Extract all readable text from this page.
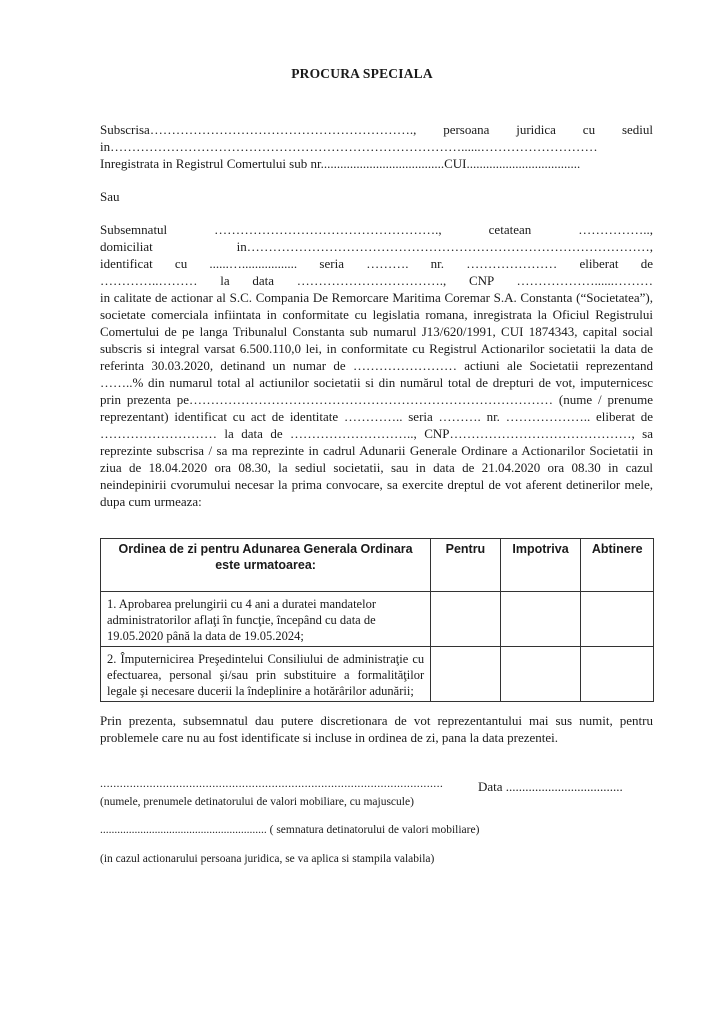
PROCURA SPECIALA

Subscrisa……………………………………………………., persoana juridica cu sediul

in………………………………………………………………………......………………………

Inregistrata in Registrul Comertului sub nr......................................CUI...................................

Sau

Subsemnatul ……………………………………………., cetatean ……………..,

domiciliat in…………………………………………………………………………………,

identificat cu ......…................. seria ………. nr. ………………… eliberat de

…………..……… la data ……………………………., CNP ………………......………

in calitate de actionar al S.C. Compania De Remorcare Maritima Coremar S.A. Constanta (“Societatea”), societate comerciala infiintata in conformitate cu legislatia romana, inregistrata la Oficiul Registrului Comertului de pe langa Tribunalul Constanta sub numarul J13/620/1991, CUI 1874343, capital social subscris si integral varsat 6.500.110,0 lei, in conformitate cu Registrul Actionarilor societatii la data de referinta 30.03.2020, detinand un numar de …………………… actiuni ale Societatii reprezentand ……..% din numarul total al actiunilor societatii si din numărul total de drepturi de vot, imputernicesc prin prezenta pe………………………………………………………………………… (nume / prenume reprezentant) identificat cu act de identitate ………….. seria ………. nr. ……………….. eliberat de ……………………… la data de ……………………….., CNP……………………………………, sa reprezinte subscrisa / sa ma reprezinte in cadrul Adunarii Generale Ordinare a Actionarilor Societatii in ziua de 18.04.2020 ora 08.30, la sediul societatii, sau in data de 21.04.2020 ora 08.30 in cazul neindepinirii cvorumului necesar la prima convocare, sa exercite dreptul de vot aferent detinerilor mele, dupa cum urmeaza:

Ordinea de zi pentru Adunarea Generala Ordinara este urmatoarea:	Pentru	Impotriva	Abtinere
1. Aprobarea prelungirii cu 4 ani a duratei mandatelor administratorilor aflaţi în funcţie, începând cu data de 19.05.2020 până la data de 19.05.2024;			
2. Împuternicirea Preşedintelui Consiliului de administraţie cu efectuarea, personal şi/sau prin substituire a formalităţilor legale şi necesare ducerii la îndeplinire a hotărârilor adunării;			

Prin prezenta, subsemnatul dau putere discretionara de vot reprezentantului mai sus numit, pentru problemele care nu au fost identificate si incluse in ordinea de zi, pana la data prezentei.

........................................................................................................	Data ....................................
(numele, prenumele detinatorului de valori mobiliare, cu majuscule)
.......................................................... ( semnatura detinatorului de valori mobiliare)
(in cazul actionarului persoana juridica, se va aplica si stampila valabila)
